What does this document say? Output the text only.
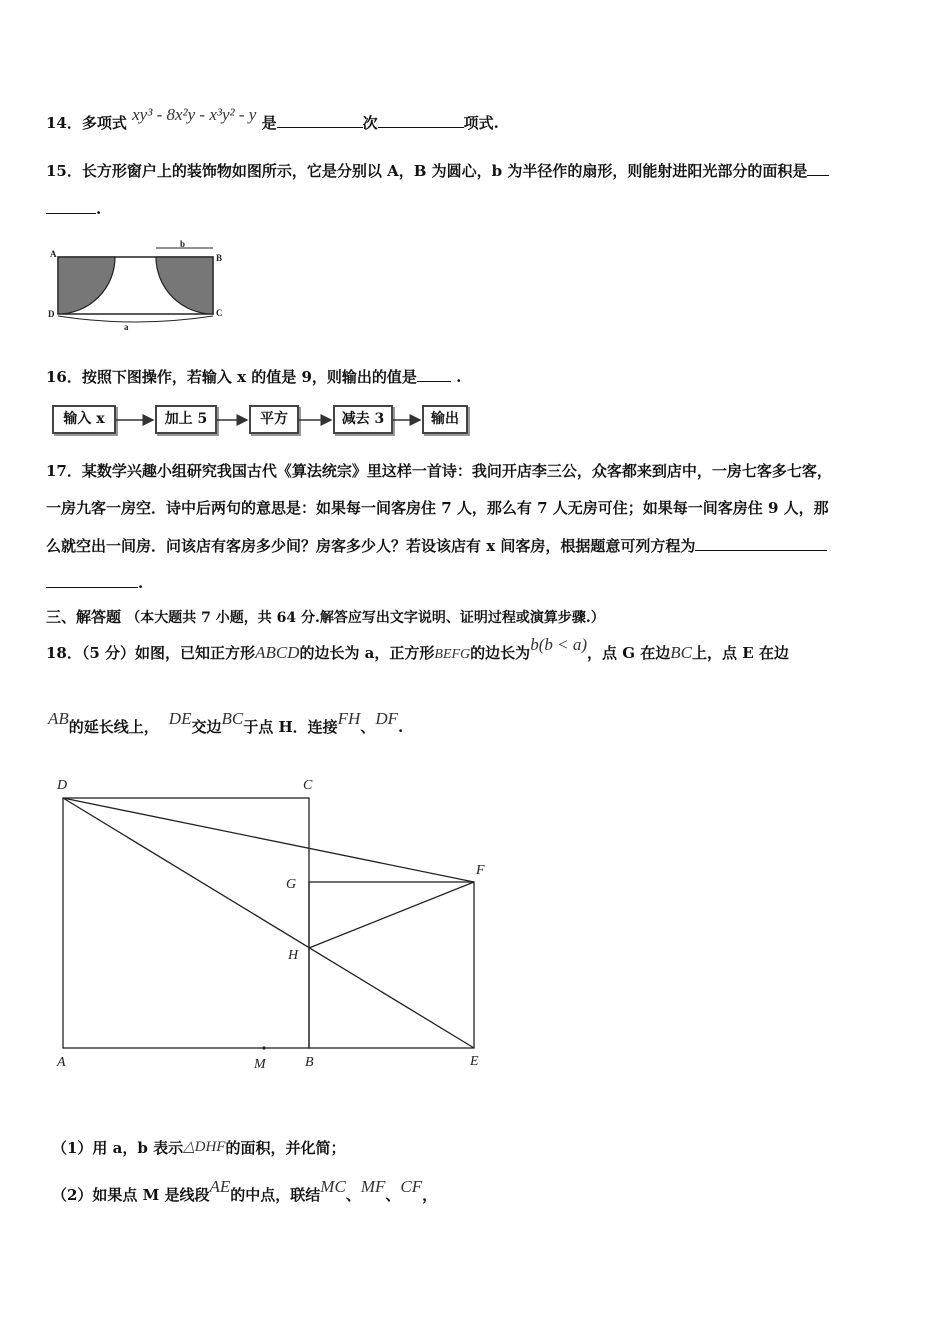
14．多项式 xy³ - 8x²y - x³y² - y 是	次	项式.
15．长方形窗户上的装饰物如图所示，它是分别以 A，B 为圆心，b 为半径作的扇形，则能射进阳光部分的面积是
.
A	B
C
D
b
a
16．按照下图操作，若输入 x 的值是 9，则输出的值是	.
输入 x	加上 5	平方	减去 3	输出
17．某数学兴趣小组研究我国古代《算法统宗》里这样一首诗：我问开店李三公，众客都来到店中，一房七客多七客，
一房九客一房空．诗中后两句的意思是：如果每一间客房住 7 人，那么有 7 人无房可住；如果每一间客房住 9 人，那
么就空出一间房．问该店有客房多少间？房客多少人？若设该店有 x 间客房，根据题意可列方程为
.
三、解答题 （本大题共 7 小题，共 64 分.解答应写出文字说明、证明过程或演算步骤.）
18．（5 分）如图，已知正方形ABCD的边长为 a，正方形BEFG的边长为b(b < a)，点 G 在边BC上，点 E 在边
AB的延长线上， DE交边BC于点 H．连接FH、DF.
D	C
G
F
H
A	M	B	E
（1）用 a，b 表示△DHF的面积，并化简；
（2）如果点 M 是线段AE的中点，联结MC、MF、CF，
